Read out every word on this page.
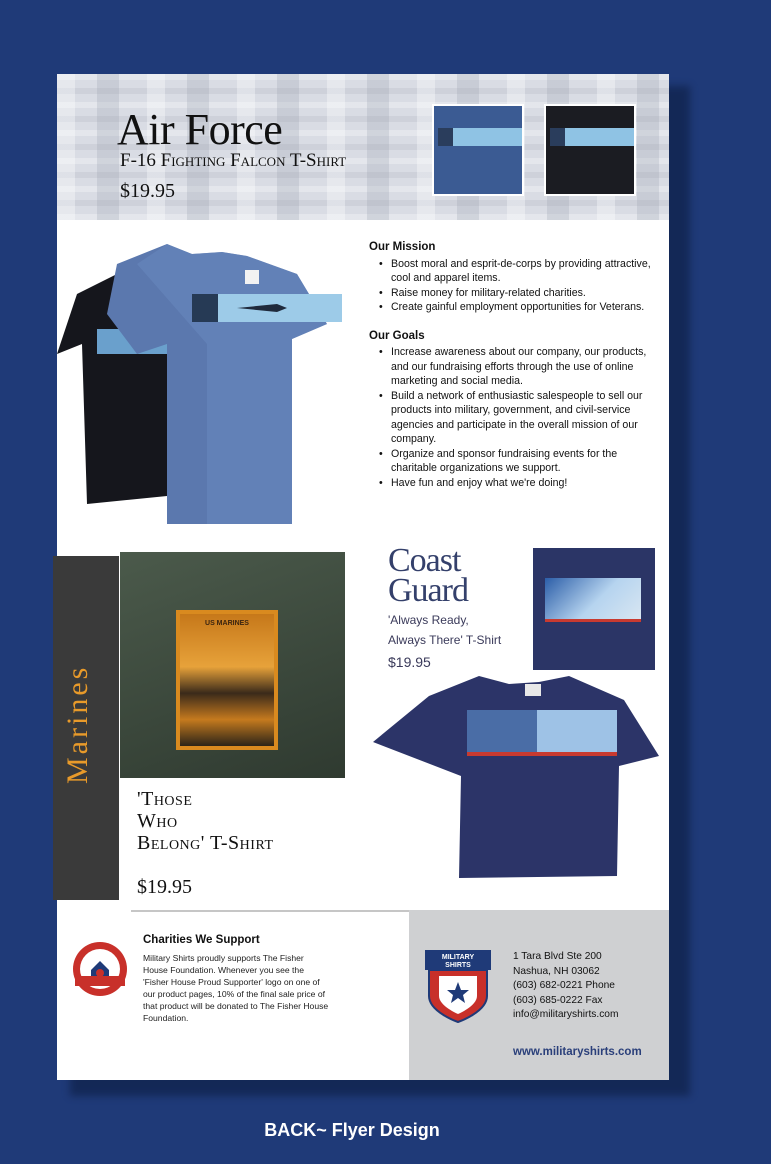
Air Force
F-16 Fighting Falcon T-Shirt
$19.95
Our Mission
• Boost moral and esprit-de-corps by providing attractive, cool and apparel items.
• Raise money for military-related charities.
• Create gainful employment opportunities for Veterans.
Our Goals
• Increase awareness about our company, our products, and our fundraising efforts through the use of online marketing and social media.
• Build a network of enthusiastic salespeople to sell our products into military, government, and civil-service agencies and participate in the overall mission of our company.
• Organize and sponsor fundraising events for the charitable organizations we support.
• Have fun and enjoy what we're doing!
Marines
US MARINES
'Those
Who
Belong' T-Shirt
$19.95
Coast
Guard
'Always Ready,
Always There' T-Shirt
$19.95
Charities We Support
Military Shirts proudly supports The Fisher House Foundation. Whenever you see the 'Fisher House Proud Supporter' logo on one of our product pages, 10% of the final sale price of that product will be donated to The Fisher House Foundation.
MILITARY
SHIRTS
1 Tara Blvd Ste 200
Nashua, NH 03062
(603) 682-0221 Phone
(603) 685-0222 Fax
info@militaryshirts.com
www.militaryshirts.com
BACK~ Flyer Design
